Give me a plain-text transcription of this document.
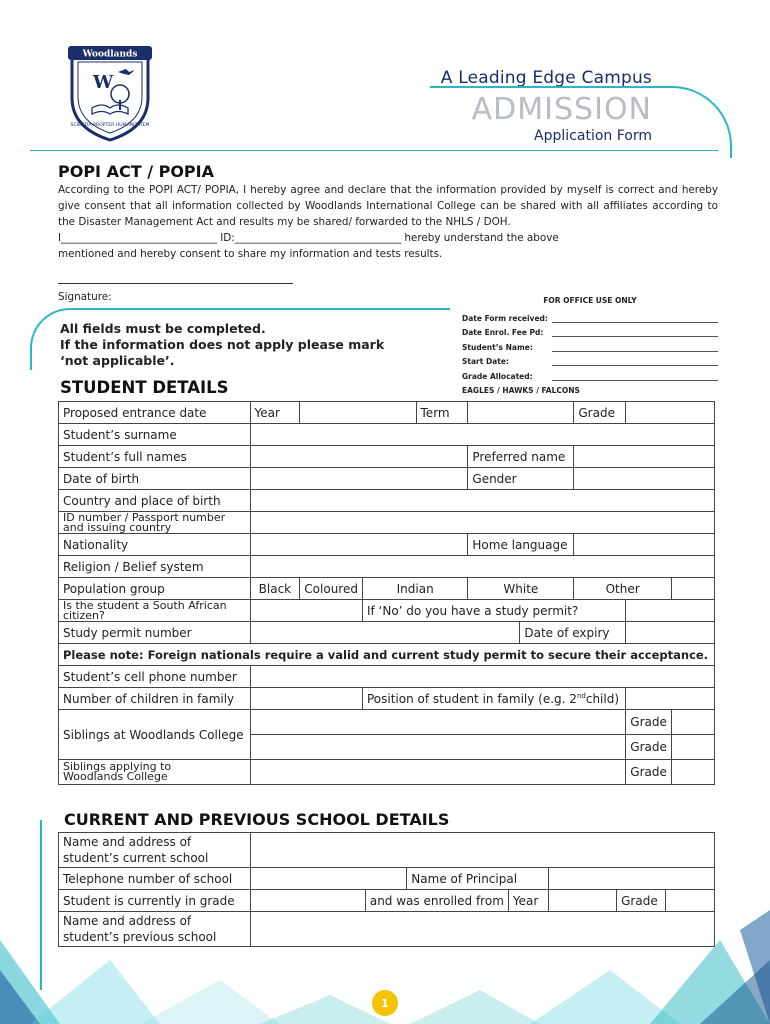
Woodlands
W
SCIENTIA PROPTER HUMANITATEM
A Leading Edge Campus
ADMISSION
Application Form
POPI ACT / POPIA
According to the POPI ACT/ POPIA, I hereby agree and declare that the information provided by myself is correct and hereby give consent that all information collected by Woodlands International College can be shared with all affiliates according to the Disaster Management Act and results my be shared/ forwarded to the NHLS / DOH.
I______________________________ ID:________________________________ hereby understand the above
mentioned and hereby consent to share my information and tests results.
Signature:
All fields must be completed.
If the information does not apply please mark
‘not applicable’.
FOR OFFICE USE ONLY
Date Form received:
Date Enrol. Fee Pd:
Student’s Name:
Start Date:
Grade Allocated:
EAGLES / HAWKS / FALCONS
STUDENT DETAILS
Proposed entrance date	Year			Term			Grade		
Student’s surname									
Student’s full names					Preferred name				
Date of birth					Gender				
Country and place of birth									

ID number / Passport number
and issuing country									

Nationality					Home language				
Religion / Belief system									
Population group	Black	Coloured	Indian		White		Other		

Is the student a South African
citizen?			If ‘No’ do you have a study permit?						
Study permit number						Date of expiry			
Please note: Foreign nationals require a valid and current study permit to secure their acceptance.									
Student’s cell phone number									
Number of children in family			Position of student in family (e.g. 2ndchild)						
Siblings at Woodlands College								Grade	
								Grade	

Siblings applying to
Woodlands College								Grade	
CURRENT AND PREVIOUS SCHOOL DETAILS
Name and address of
student’s current school							

Telephone number of school			Name of Principal				
Student is currently in grade		and was enrolled from		Year		Grade	

Name and address of
student’s previous school							

1
